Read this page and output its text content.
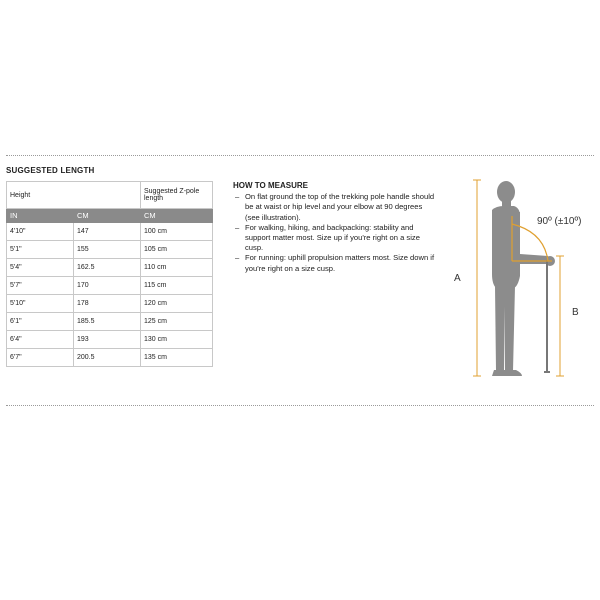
SUGGESTED LENGTH
Height		Suggested Z-pole length
IN	CM	CM
4'10"	147	100 cm
5'1"	155	105 cm
5'4"	162.5	110 cm
5'7"	170	115 cm
5'10"	178	120 cm
6'1"	185.5	125 cm
6'4"	193	130 cm
6'7"	200.5	135 cm
HOW TO MEASURE
– On flat ground the top of the trekking pole handle should be at waist or hip level and your elbow at 90 degrees (see illustration).
– For walking, hiking, and backpacking: stability and support matter most. Size up if you're right on a size cusp.
– For running: uphill propulsion matters most. Size down if you're right on a size cusp.
90º (±10º)
A
B
